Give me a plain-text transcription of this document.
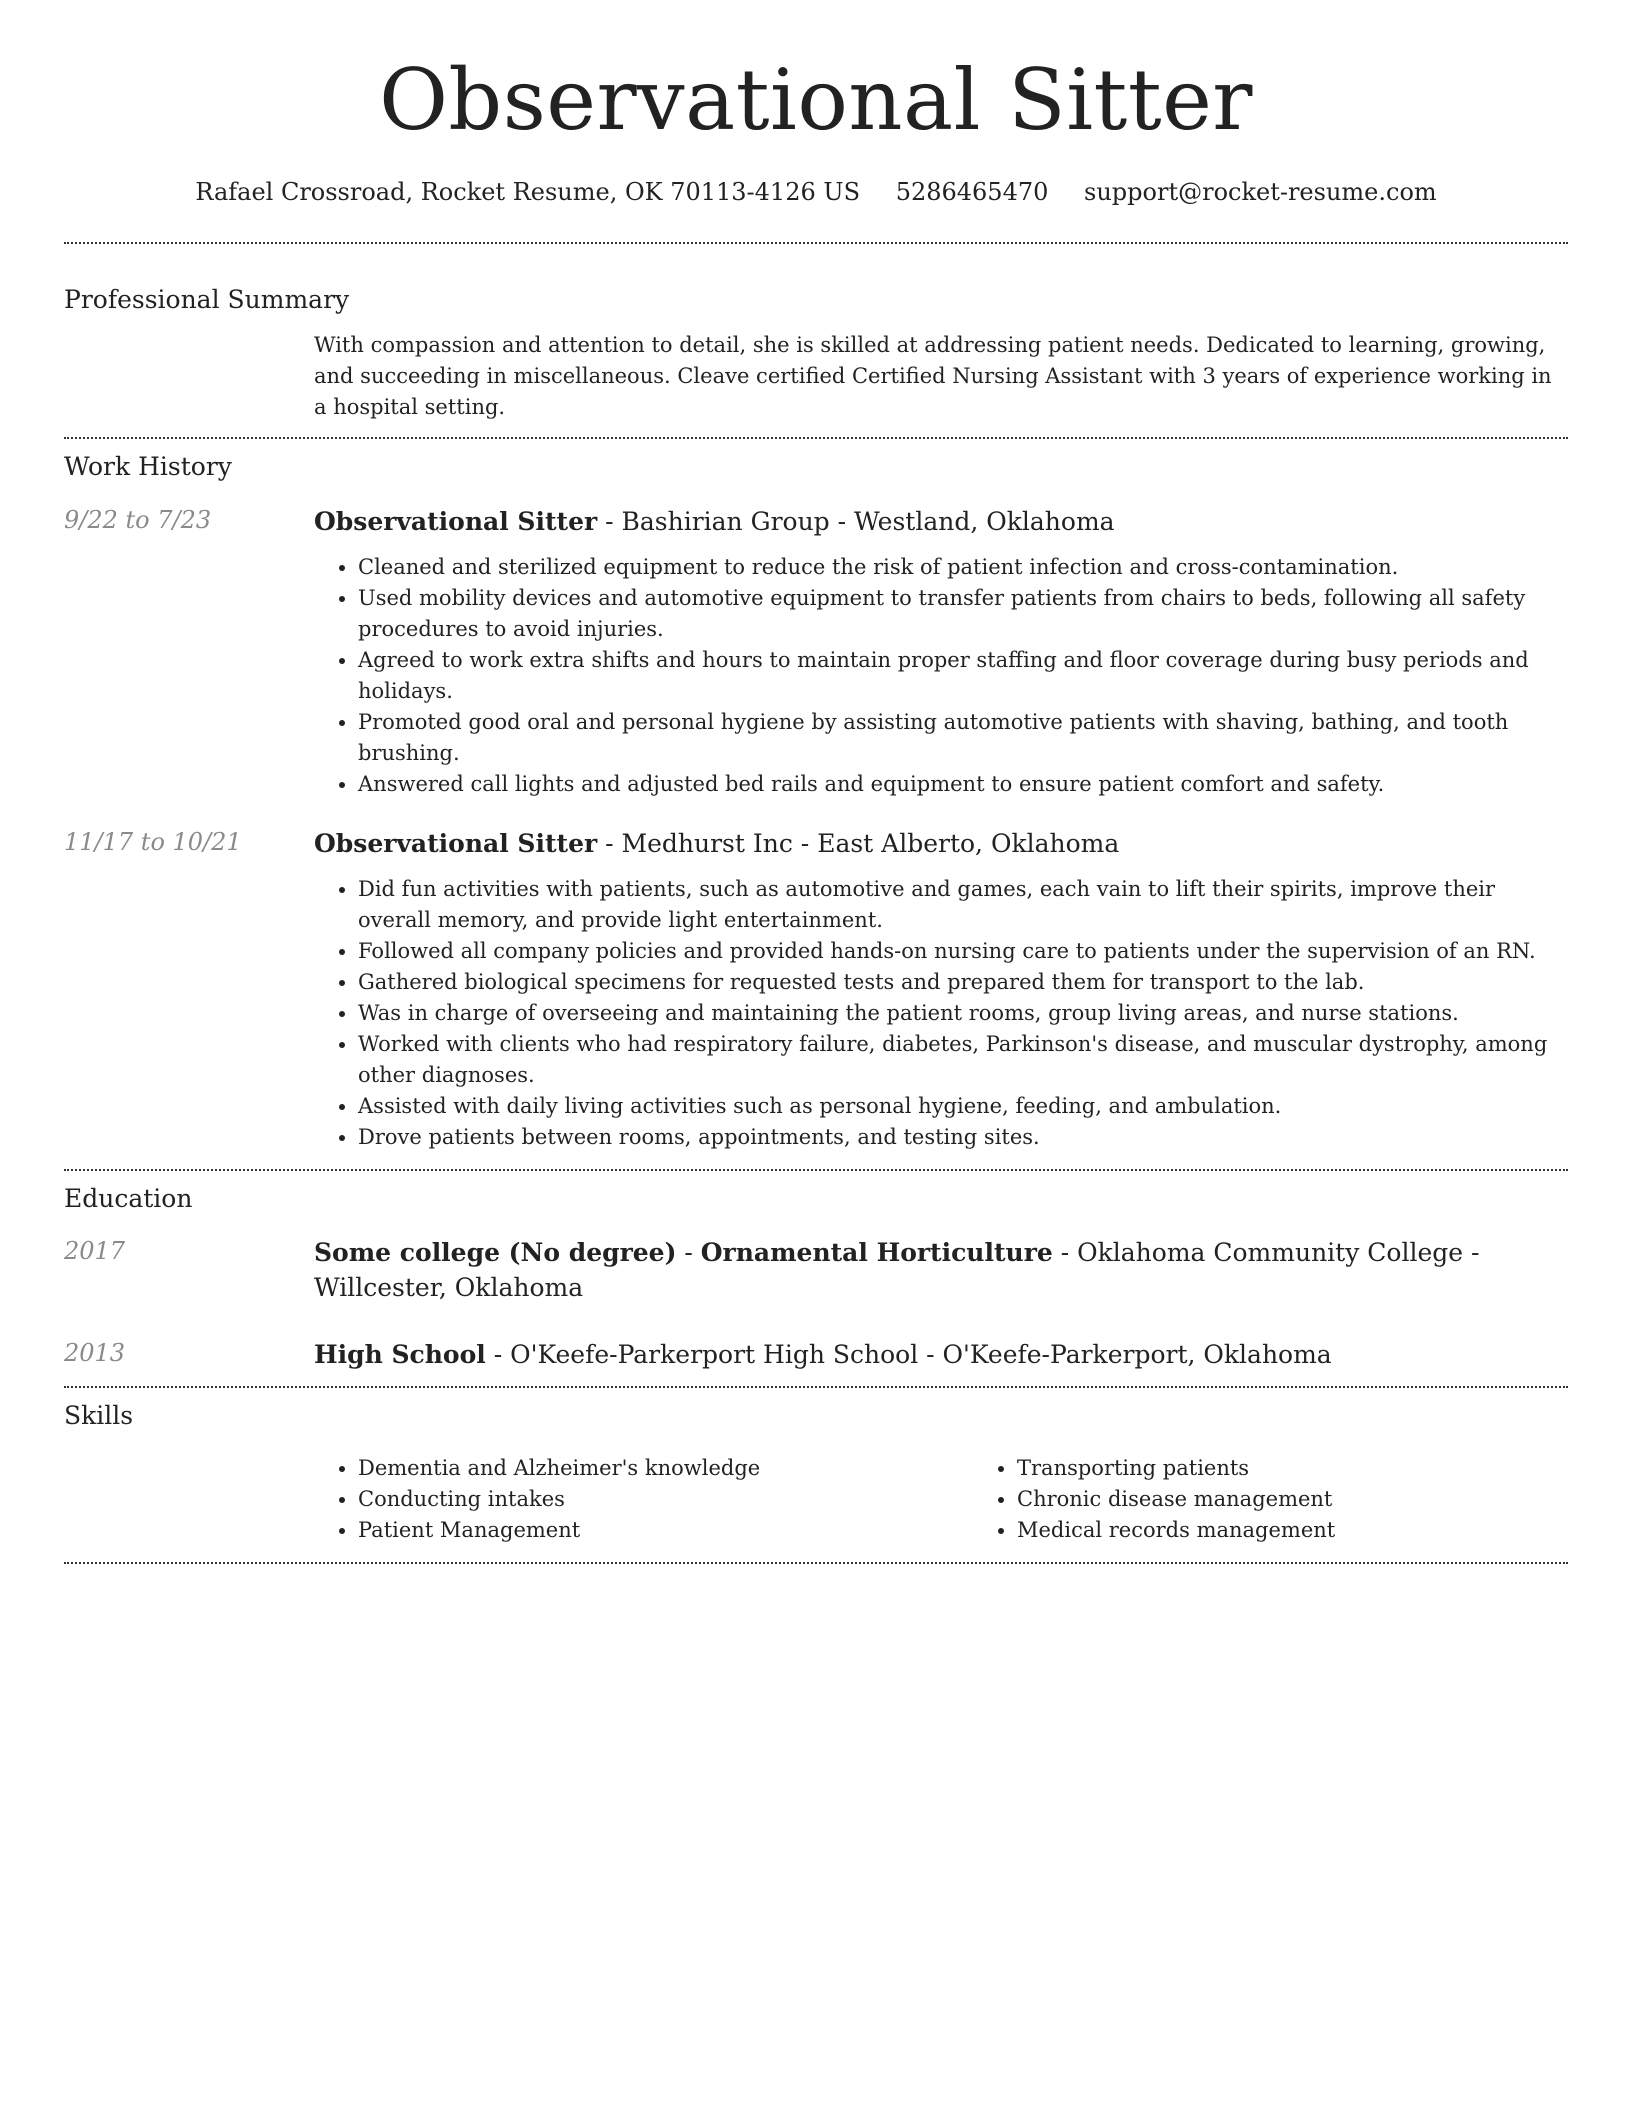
Observational Sitter
Rafael Crossroad, Rocket Resume, OK 70113-4126 US 5286465470 support@rocket-resume.com
Professional Summary
With compassion and attention to detail, she is skilled at addressing patient needs. Dedicated to learning, growing, and succeeding in miscellaneous. Cleave certified Certified Nursing Assistant with 3 years of experience working in a hospital setting.
Work History
9/22 to 7/23	Observational Sitter - Bashirian Group - Westland, Oklahoma
• Cleaned and sterilized equipment to reduce the risk of patient infection and cross-contamination.
• Used mobility devices and automotive equipment to transfer patients from chairs to beds, following all safety procedures to avoid injuries.
• Agreed to work extra shifts and hours to maintain proper staffing and floor coverage during busy periods and holidays.
• Promoted good oral and personal hygiene by assisting automotive patients with shaving, bathing, and tooth brushing.
• Answered call lights and adjusted bed rails and equipment to ensure patient comfort and safety.
11/17 to 10/21	Observational Sitter - Medhurst Inc - East Alberto, Oklahoma
• Did fun activities with patients, such as automotive and games, each vain to lift their spirits, improve their overall memory, and provide light entertainment.
• Followed all company policies and provided hands-on nursing care to patients under the supervision of an RN.
• Gathered biological specimens for requested tests and prepared them for transport to the lab.
• Was in charge of overseeing and maintaining the patient rooms, group living areas, and nurse stations.
• Worked with clients who had respiratory failure, diabetes, Parkinson's disease, and muscular dystrophy, among other diagnoses.
• Assisted with daily living activities such as personal hygiene, feeding, and ambulation.
• Drove patients between rooms, appointments, and testing sites.
Education
2017	Some college (No degree) - Ornamental Horticulture - Oklahoma Community College - Willcester, Oklahoma
2013	High School - O'Keefe-Parkerport High School - O'Keefe-Parkerport, Oklahoma
Skills
• Dementia and Alzheimer's knowledge
• Conducting intakes
• Patient Management
• Transporting patients
• Chronic disease management
• Medical records management
